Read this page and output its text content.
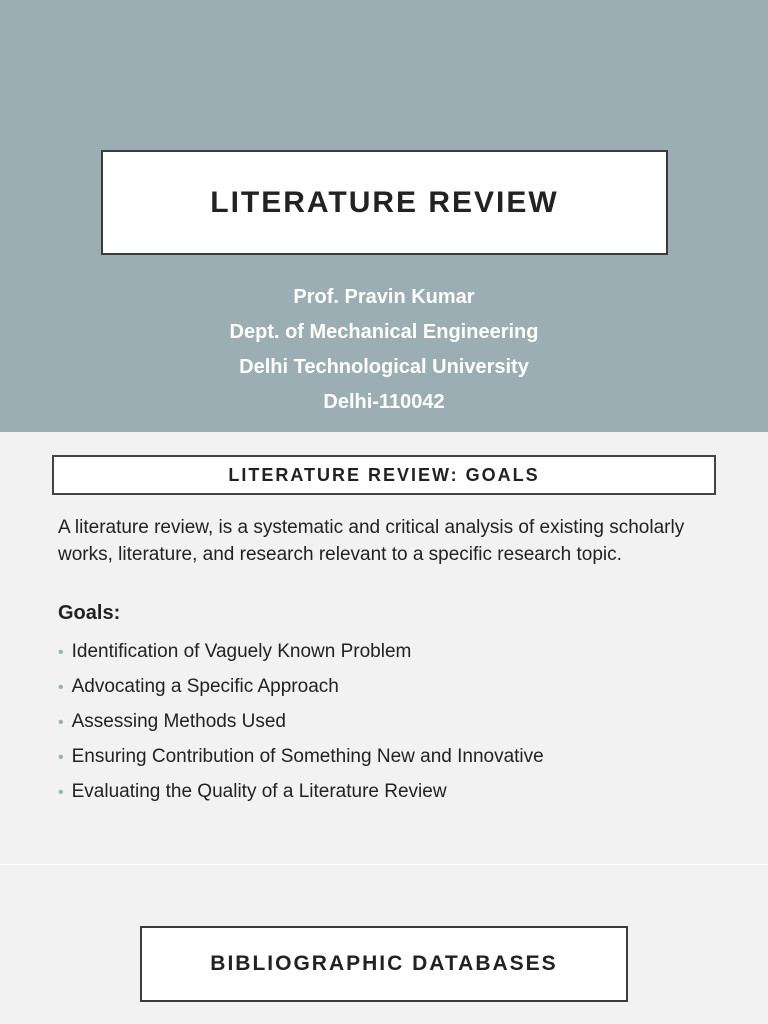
LITERATURE REVIEW
Prof. Pravin Kumar
Dept. of Mechanical Engineering
Delhi Technological University
Delhi-110042
LITERATURE REVIEW: GOALS

A literature review, is a systematic and critical analysis of existing scholarly works, literature, and research relevant to a specific research topic.

Goals:
• Identification of Vaguely Known Problem
• Advocating a Specific Approach
• Assessing Methods Used
• Ensuring Contribution of Something New and Innovative
• Evaluating the Quality of a Literature Review
BIBLIOGRAPHIC DATABASES
